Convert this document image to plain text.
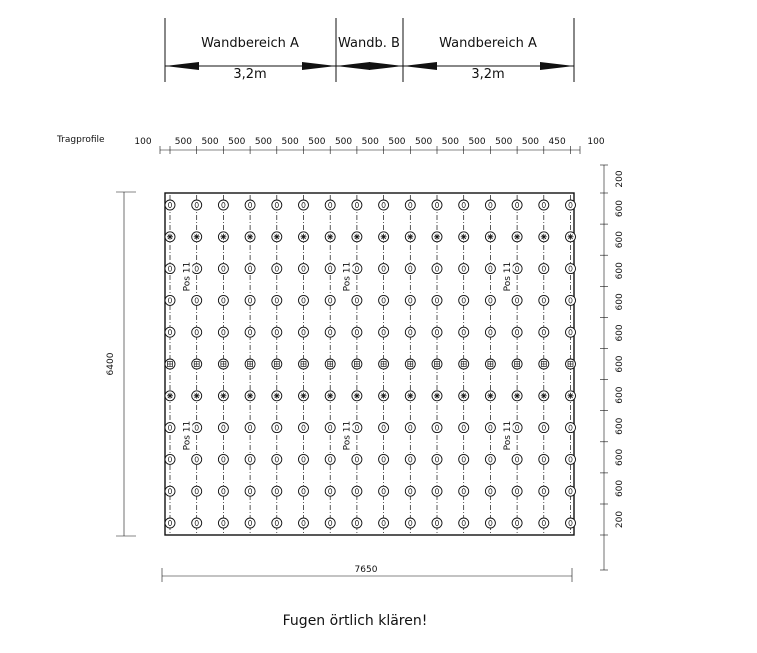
Wandbereich A	Wandb. B	Wandbereich A
3,2m	3,2m
Tragprofile	100	500 500 500 500 500 500 500 500 500 500 500 500 500 500 450 100
200
600
600
600
600
600
600
600
600
600
600
200
6400
Pos 11	Pos 11	Pos 11
Pos 11	Pos 11	Pos 11
7650
Fugen örtlich klären!
